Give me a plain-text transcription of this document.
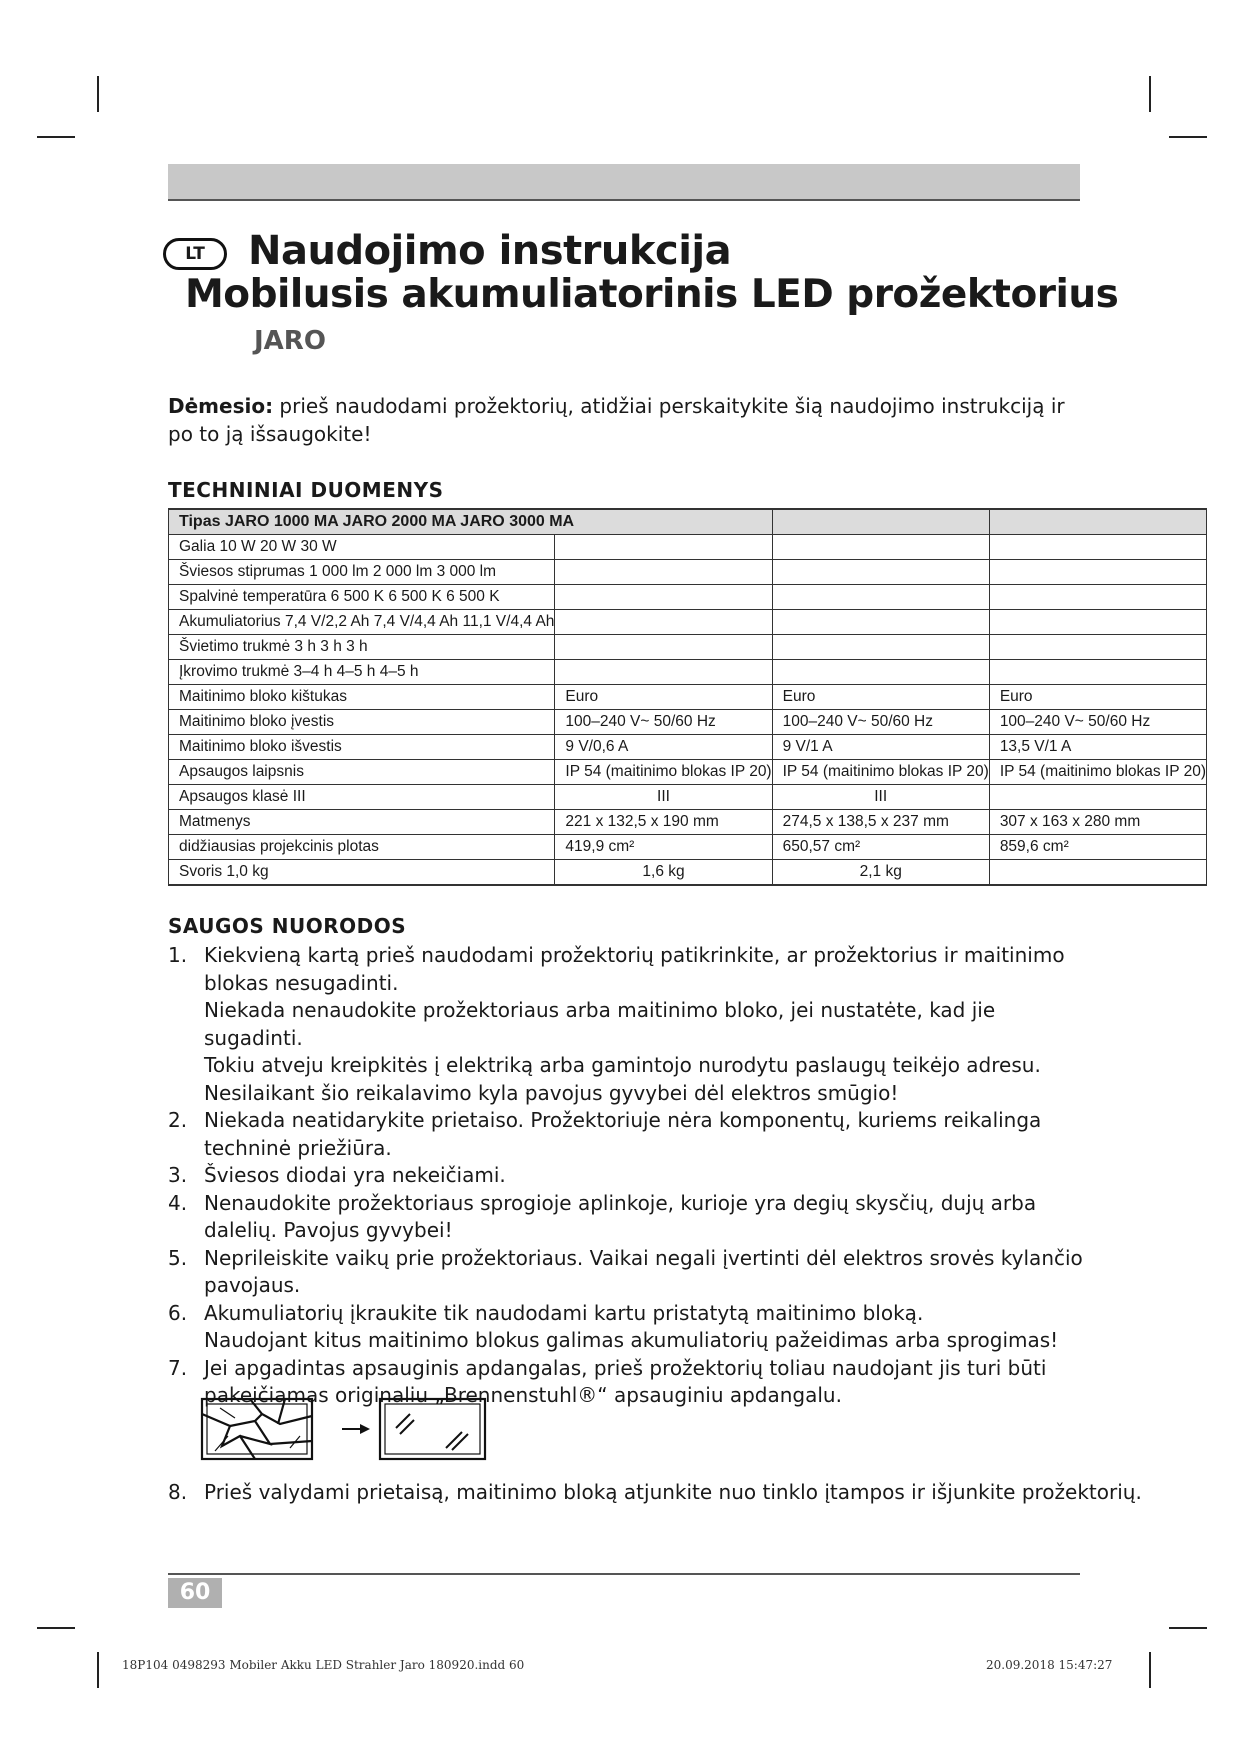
LT	Naudojimo instrukcija
Mobilusis akumuliatorinis LED prožektorius
JARO
Dėmesio: prieš naudodami prožektorių, atidžiai perskaitykite šią naudojimo instrukciją ir po to ją išsaugokite!
TECHNINIAI DUOMENYS
Tipas JARO 1000 MA JARO 2000 MA JARO 3000 MA			
Galia 10 W 20 W 30 W			
Šviesos stiprumas 1 000 lm 2 000 lm 3 000 lm			
Spalvinė temperatūra 6 500 K 6 500 K 6 500 K			
Akumuliatorius 7,4 V/2,2 Ah 7,4 V/4,4 Ah 11,1 V/4,4 Ah			
Švietimo trukmė 3 h 3 h 3 h			
Įkrovimo trukmė 3–4 h 4–5 h 4–5 h			
Maitinimo bloko kištukas	Euro	Euro	Euro
Maitinimo bloko įvestis	100–240 V~ 50/60 Hz	100–240 V~ 50/60 Hz	100–240 V~ 50/60 Hz
Maitinimo bloko išvestis	9 V/0,6 A	9 V/1 A	13,5 V/1 A
Apsaugos laipsnis	IP 54 (maitinimo blokas IP 20)	IP 54 (maitinimo blokas IP 20)	IP 54 (maitinimo blokas IP 20)
Apsaugos klasė III	III	III	
Matmenys	221 x 132,5 x 190 mm	274,5 x 138,5 x 237 mm	307 x 163 x 280 mm
didžiausias projekcinis plotas	419,9 cm²	650,57 cm²	859,6 cm²
Svoris 1,0 kg	1,6 kg	2,1 kg	
SAUGOS NUORODOS
1. Kiekvieną kartą prieš naudodami prožektorių patikrinkite, ar prožektorius ir maitinimo blokas nesugadinti.
Niekada nenaudokite prožektoriaus arba maitinimo bloko, jei nustatėte, kad jie sugadinti.
Tokiu atveju kreipkitės į elektriką arba gamintojo nurodytu paslaugų teikėjo adresu.
Nesilaikant šio reikalavimo kyla pavojus gyvybei dėl elektros smūgio!
2. Niekada neatidarykite prietaiso. Prožektoriuje nėra komponentų, kuriems reikalinga techninė priežiūra.
3. Šviesos diodai yra nekeičiami.
4. Nenaudokite prožektoriaus sprogioje aplinkoje, kurioje yra degių skysčių, dujų arba dalelių. Pavojus gyvybei!
5. Neprileiskite vaikų prie prožektoriaus. Vaikai negali įvertinti dėl elektros srovės kylančio pavojaus.
6. Akumuliatorių įkraukite tik naudodami kartu pristatytą maitinimo bloką.
Naudojant kitus maitinimo blokus galimas akumuliatorių pažeidimas arba sprogimas!
7. Jei apgadintas apsauginis apdangalas, prieš prožektorių toliau naudojant jis turi būti pakeičiamas originaliu „Brennenstuhl®“ apsauginiu apdangalu.
8. Prieš valydami prietaisą, maitinimo bloką atjunkite nuo tinklo įtampos ir išjunkite prožektorių.
60
18P104 0498293 Mobiler Akku LED Strahler Jaro 180920.indd 60	20.09.2018 15:47:27
